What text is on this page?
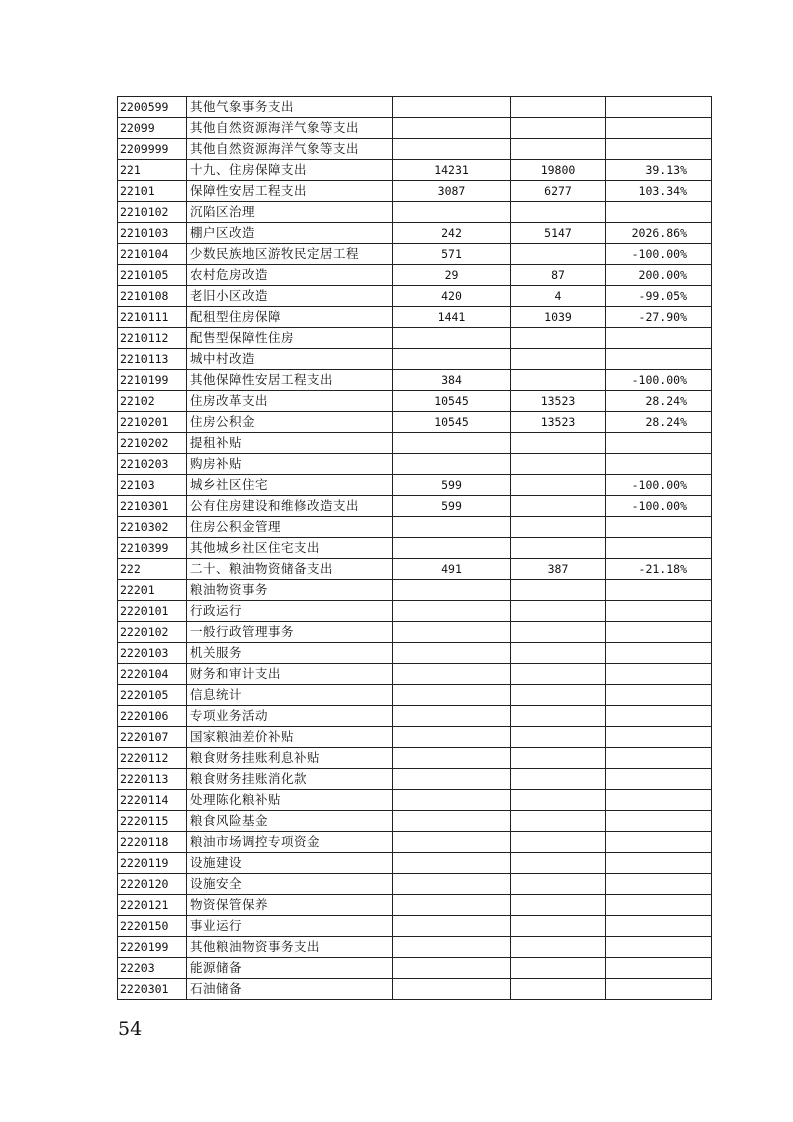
2200599	其他气象事务支出			
22099	其他自然资源海洋气象等支出			
2209999	其他自然资源海洋气象等支出			
221	十九、住房保障支出	14231	19800	39.13%
22101	保障性安居工程支出	3087	6277	103.34%
2210102	沉陷区治理			
2210103	棚户区改造	242	5147	2026.86%
2210104	少数民族地区游牧民定居工程	571		-100.00%
2210105	农村危房改造	29	87	200.00%
2210108	老旧小区改造	420	4	-99.05%
2210111	配租型住房保障	1441	1039	-27.90%
2210112	配售型保障性住房			
2210113	城中村改造			
2210199	其他保障性安居工程支出	384		-100.00%
22102	住房改革支出	10545	13523	28.24%
2210201	住房公积金	10545	13523	28.24%
2210202	提租补贴			
2210203	购房补贴			
22103	城乡社区住宅	599		-100.00%
2210301	公有住房建设和维修改造支出	599		-100.00%
2210302	住房公积金管理			
2210399	其他城乡社区住宅支出			
222	二十、粮油物资储备支出	491	387	-21.18%
22201	粮油物资事务			
2220101	行政运行			
2220102	一般行政管理事务			
2220103	机关服务			
2220104	财务和审计支出			
2220105	信息统计			
2220106	专项业务活动			
2220107	国家粮油差价补贴			
2220112	粮食财务挂账利息补贴			
2220113	粮食财务挂账消化款			
2220114	处理陈化粮补贴			
2220115	粮食风险基金			
2220118	粮油市场调控专项资金			
2220119	设施建设			
2220120	设施安全			
2220121	物资保管保养			
2220150	事业运行			
2220199	其他粮油物资事务支出			
22203	能源储备			
2220301	石油储备			
54
